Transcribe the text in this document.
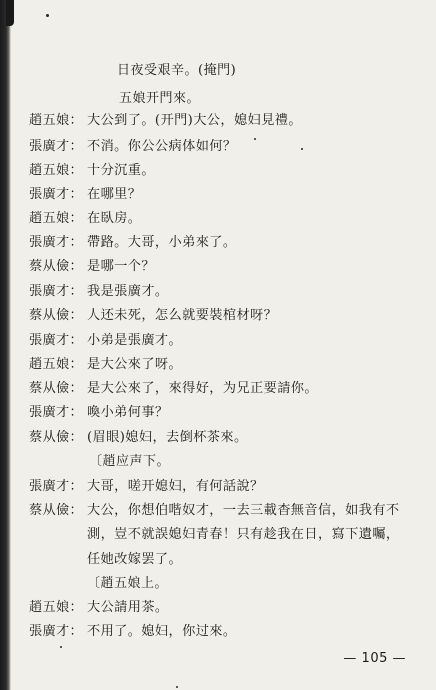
日夜受艰辛。(掩門)
五娘开門來。
趙五娘： 大公到了。(开門)大公，媳妇見禮。
張廣才： 不消。你公公病体如何？
趙五娘： 十分沉重。
張廣才： 在哪里？
趙五娘： 在臥房。
張廣才： 帶路。大哥，小弟來了。
蔡从儉： 是哪一个？
張廣才： 我是張廣才。
蔡从儉： 人还未死，怎么就要裝棺材呀？
張廣才： 小弟是張廣才。
趙五娘： 是大公來了呀。
蔡从儉： 是大公來了，來得好，为兄正要請你。
張廣才： 喚小弟何事？
蔡从儉： (眉眼)媳妇，去倒杯茶來。
〔趙应声下。
張廣才： 大哥，嗟开媳妇，有何話說？
蔡从儉： 大公，你想伯喈奴才，一去三載杳無音信，如我有不
測，豈不就誤媳妇青春！只有趁我在日，寫下遺囑，
任她改嫁罢了。
〔趙五娘上。
趙五娘： 大公請用茶。
張廣才： 不用了。媳妇，你过來。
— 105 —
